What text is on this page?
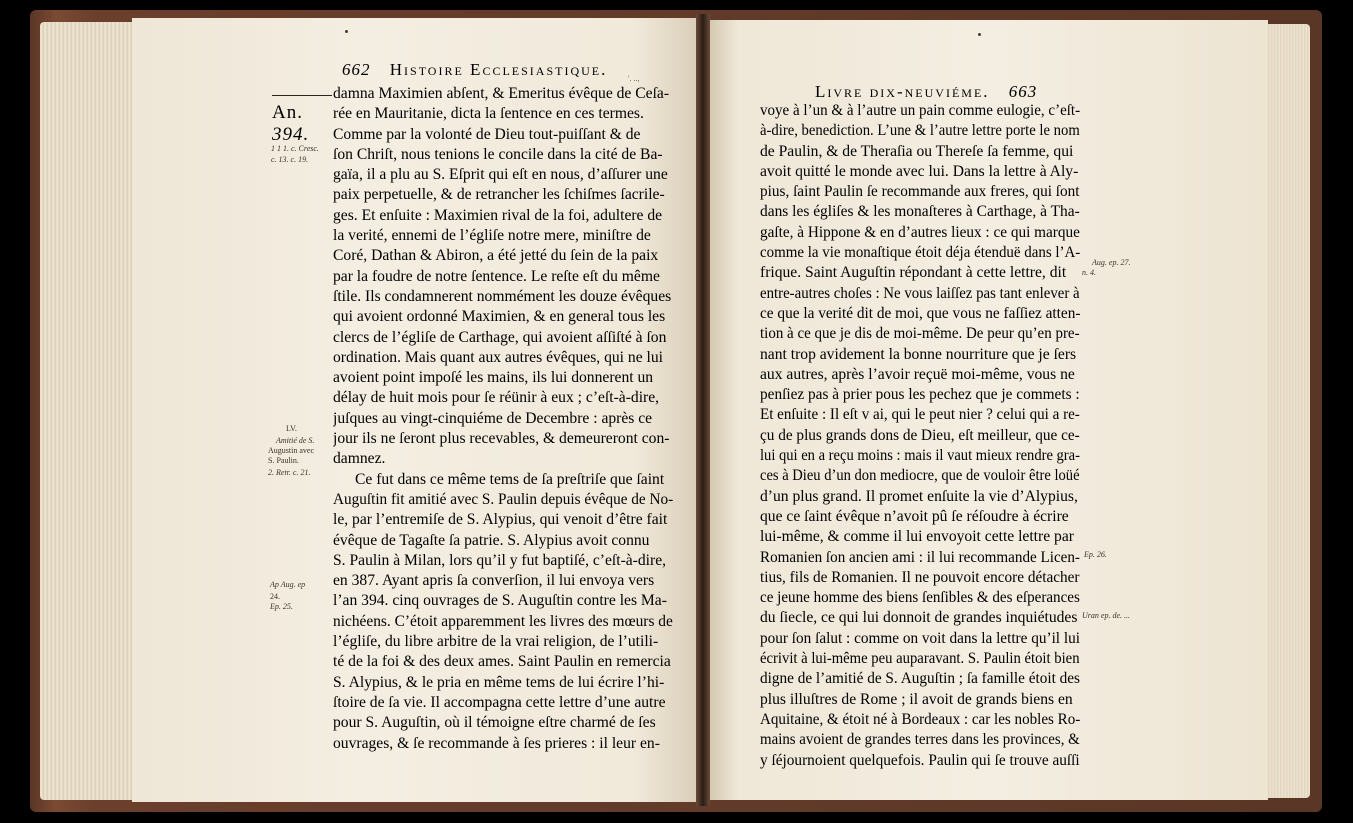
662 Histoire Ecclesiastique.	'. ..,
An. 394.
1 1 1. c. Cresc.
c. 13. c. 19.
LV.
Amitié de S.
Augustin avec
S. Paulin.
2. Retr. c. 21.
Ap Aug. ep
24.
Ep. 25.
damna Maximien abſent, & Emeritus évêque de Ceſa-
rée en Mauritanie, dicta la ſentence en ces termes.
Comme par la volonté de Dieu tout-puiſſant & de
ſon Chriſt, nous tenions le concile dans la cité de Ba-
gaïa, il a plu au S. Eſprit qui eſt en nous, d’aſſurer une
paix perpetuelle, & de retrancher les ſchiſmes ſacrile-
ges. Et enſuite : Maximien rival de la foi, adultere de
la verité, ennemi de l’égliſe notre mere, miniſtre de
Coré, Dathan & Abiron, a été jetté du ſein de la paix
par la foudre de notre ſentence. Le reſte eſt du même
ſtile. Ils condamnerent nommément les douze évêques
qui avoient ordonné Maximien, & en general tous les
clercs de l’égliſe de Carthage, qui avoient aſſiſté à ſon
ordination. Mais quant aux autres évêques, qui ne lui
avoient point impoſé les mains, ils lui donnerent un
délay de huit mois pour ſe réünir à eux ; c’eſt-à-dire,
juſques au vingt-cinquiéme de Decembre : après ce
jour ils ne ſeront plus recevables, & demeureront con-
damnez.
Ce fut dans ce même tems de ſa preſtriſe que ſaint
Auguſtin fit amitié avec S. Paulin depuis évêque de No-
le, par l’entremiſe de S. Alypius, qui venoit d’être fait
évêque de Tagaſte ſa patrie. S. Alypius avoit connu
S. Paulin à Milan, lors qu’il y fut baptiſé, c’eſt-à-dire,
en 387. Ayant apris ſa converſion, il lui envoya vers
l’an 394. cinq ouvrages de S. Auguſtin contre les Ma-
nichéens. C’étoit apparemment les livres des mœurs de
l’égliſe, du libre arbitre de la vrai religion, de l’utili-
té de la foi & des deux ames. Saint Paulin en remercia
S. Alypius, & le pria en même tems de lui écrire l’hi-
ſtoire de ſa vie. Il accompagna cette lettre d’une autre
pour S. Auguſtin, où il témoigne eſtre charmé de ſes
ouvrages, & ſe recommande à ſes prieres : il leur en-
Livre dix-neuviéme. 663
voye à l’un & à l’autre un pain comme eulogie, c’eſt-
à-dire, benediction. L’une & l’autre lettre porte le nom
de Paulin, & de Theraſia ou Thereſe ſa femme, qui
avoit quitté le monde avec lui. Dans la lettre à Aly-
pius, ſaint Paulin ſe recommande aux freres, qui ſont
dans les égliſes & les monaſteres à Carthage, à Tha-
gaſte, à Hippone & en d’autres lieux : ce qui marque
comme la vie monaſtique étoit déja étenduë dans l’A-
frique. Saint Auguſtin répondant à cette lettre, dit
entre-autres choſes : Ne vous laiſſez pas tant enlever à
ce que la verité dit de moi, que vous ne faſſiez atten-
tion à ce que je dis de moi-même. De peur qu’en pre-
nant trop avidement la bonne nourriture que je ſers
aux autres, après l’avoir reçuë moi-même, vous ne
penſiez pas à prier pous les pechez que je commets :
Et enſuite : Il eſt v ai, qui le peut nier ? celui qui a re-
çu de plus grands dons de Dieu, eſt meilleur, que ce-
lui qui en a reçu moins : mais il vaut mieux rendre gra-
ces à Dieu d’un don mediocre, que de vouloir être loüé
d’un plus grand. Il promet enſuite la vie d’Alypius,
que ce ſaint évêque n’avoit pû ſe réſoudre à écrire
lui-même, & comme il lui envoyoit cette lettre par
Romanien ſon ancien ami : il lui recommande Licen-
tius, fils de Romanien. Il ne pouvoit encore détacher
ce jeune homme des biens ſenſibles & des eſperances
du ſiecle, ce qui lui donnoit de grandes inquiétudes
pour ſon ſalut : comme on voit dans la lettre qu’il lui
écrivit à lui-même peu auparavant. S. Paulin étoit bien
digne de l’amitié de S. Auguſtin ; ſa famille étoit des
plus illuſtres de Rome ; il avoit de grands biens en
Aquitaine, & étoit né à Bordeaux : car les nobles Ro-
mains avoient de grandes terres dans les provinces, &
y ſéjournoient quelquefois. Paulin qui ſe trouve auſſi
Aug. ep. 27.
n. 4.
Ep. 26.
Uran ep. de. ...
